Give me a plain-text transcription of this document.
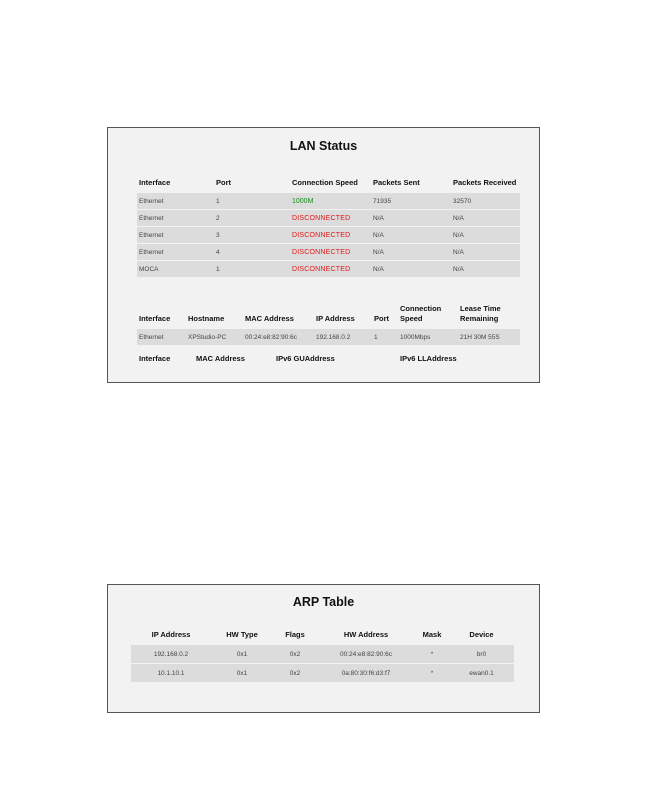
LAN Status
Interface	Port	Connection Speed	Packets Sent	Packets Received
Ethernet	1	1000M	71935	32570
Ethernet	2	DISCONNECTED	N/A	N/A
Ethernet	3	DISCONNECTED	N/A	N/A
Ethernet	4	DISCONNECTED	N/A	N/A
MOCA	1	DISCONNECTED	N/A	N/A
Interface	Hostname	MAC Address	IP Address	Port	Connection Speed	Lease Time Remaining
Ethernet	XPStudio-PC	00:24:e8:82:90:6c	192.168.0.2	1	1000Mbps	21H 30M 55S
Interface	MAC Address	IPv6 GUAddress	IPv6 LLAddress
ARP Table
IP Address	HW Type	Flags	HW Address	Mask	Device
192.168.0.2	0x1	0x2	00:24:e8:82:90:6c	*	br0
10.1.10.1	0x1	0x2	0a:80:30:f6:d3:f7	*	ewan0.1
